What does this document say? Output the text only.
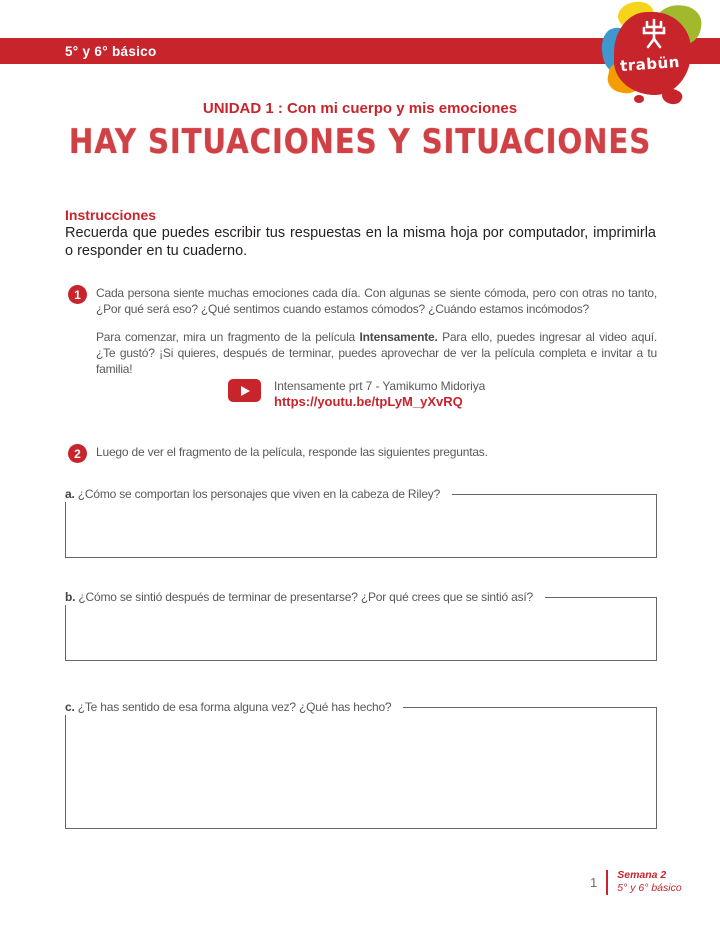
5° y 6° básico
trabün
UNIDAD 1 : Con mi cuerpo y mis emociones
HAY SITUACIONES Y SITUACIONES
Instrucciones
Recuerda que puedes escribir tus respuestas en la misma hoja por computador, imprimirla o responder en tu cuaderno.
1	Cada persona siente muchas emociones cada día. Con algunas se siente cómoda, pero con otras no tanto, ¿Por qué será eso? ¿Qué sentimos cuando estamos cómodos? ¿Cuándo estamos incómodos?
Para comenzar, mira un fragmento de la película Intensamente. Para ello, puedes ingresar al video aquí. ¿Te gustó? ¡Si quieres, después de terminar, puedes aprovechar de ver la película completa e invitar a tu familia!
Intensamente prt 7 - Yamikumo Midoriya
https://youtu.be/tpLyM_yXvRQ
2	Luego de ver el fragmento de la película, responde las siguientes preguntas.
a. ¿Cómo se comportan los personajes que viven en la cabeza de Riley?
b. ¿Cómo se sintió después de terminar de presentarse? ¿Por qué crees que se sintió así?
c. ¿Te has sentido de esa forma alguna vez? ¿Qué has hecho?
1 Semana 2
5° y 6° básico
